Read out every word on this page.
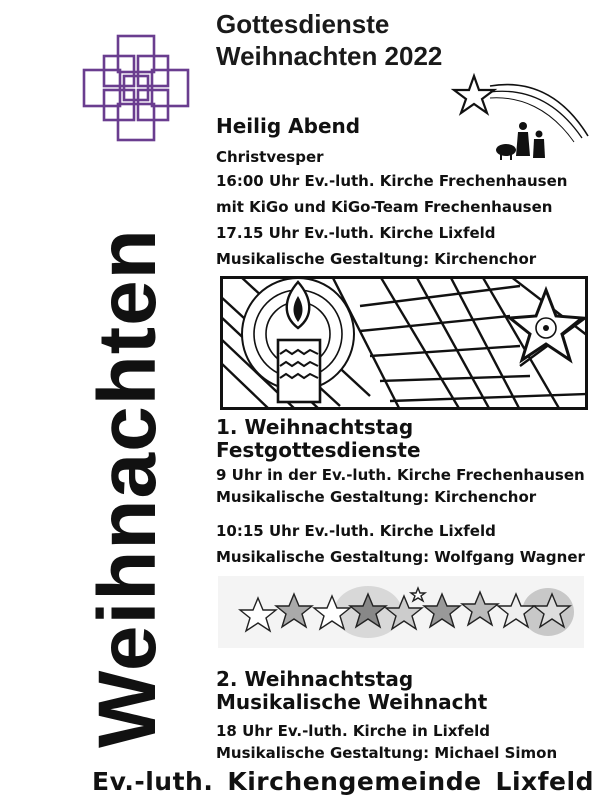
Weihnachten
Gottesdienste
Weihnachten 2022
Heilig Abend
Christvesper
16:00 Uhr Ev.-luth. Kirche Frechenhausen
mit KiGo und KiGo-Team Frechenhausen
17.15 Uhr Ev.-luth. Kirche Lixfeld
Musikalische Gestaltung: Kirchenchor
1. Weihnachtstag
Festgottesdienste
9 Uhr in der Ev.-luth. Kirche Frechenhausen
Musikalische Gestaltung: Kirchenchor
10:15 Uhr Ev.-luth. Kirche Lixfeld
Musikalische Gestaltung: Wolfgang Wagner
2. Weihnachtstag
Musikalische Weihnacht
18 Uhr Ev.-luth. Kirche in Lixfeld
Musikalische Gestaltung: Michael Simon
Ev.-luth. Kirchengemeinde Lixfeld
